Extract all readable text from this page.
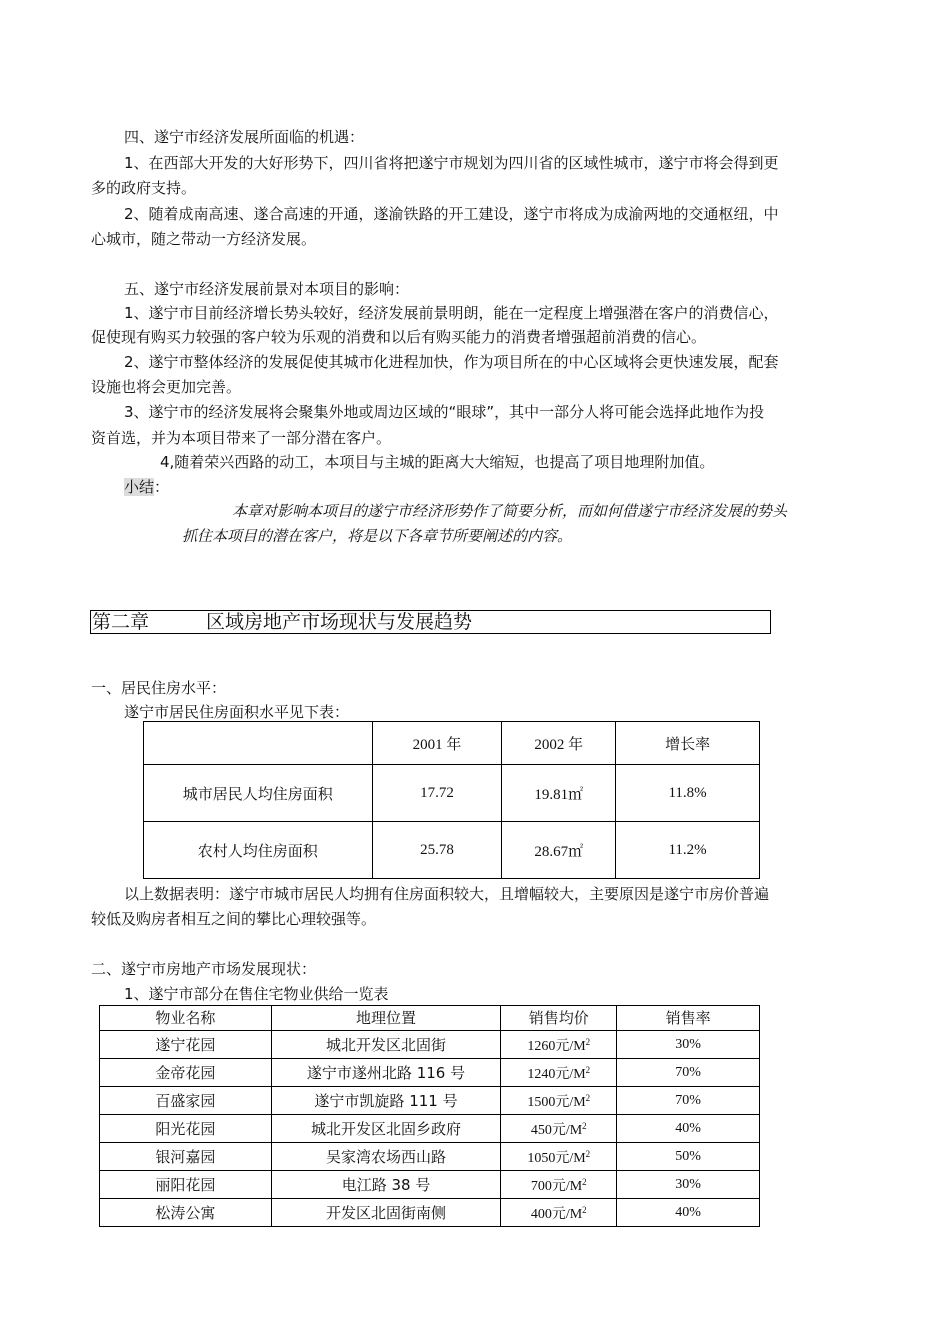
四、遂宁市经济发展所面临的机遇：
1、在西部大开发的大好形势下，四川省将把遂宁市规划为四川省的区域性城市，遂宁市将会得到更
多的政府支持。
2、随着成南高速、遂合高速的开通，遂渝铁路的开工建设，遂宁市将成为成渝两地的交通枢纽，中
心城市，随之带动一方经济发展。
五、遂宁市经济发展前景对本项目的影响：
1、遂宁市目前经济增长势头较好，经济发展前景明朗，能在一定程度上增强潜在客户的消费信心，
促使现有购买力较强的客户较为乐观的消费和以后有购买能力的消费者增强超前消费的信心。
2、遂宁市整体经济的发展促使其城市化进程加快，作为项目所在的中心区域将会更快速发展，配套
设施也将会更加完善。
3、遂宁市的经济发展将会聚集外地或周边区域的“眼球”，其中一部分人将可能会选择此地作为投
资首选，并为本项目带来了一部分潜在客户。
4,随着荣兴西路的动工，本项目与主城的距离大大缩短，也提高了项目地理附加值。
小结：
本章对影响本项目的遂宁市经济形势作了简要分析，而如何借遂宁市经济发展的势头
抓住本项目的潜在客户，将是以下各章节所要阐述的内容。
第二章	区域房地产市场现状与发展趋势
一、居民住房水平：
遂宁市居民住房面积水平见下表：
	2001 年	2002 年	增长率
城市居民人均住房面积	17.72	19.81㎡	11.8%
农村人均住房面积	25.78	28.67㎡	11.2%
以上数据表明：遂宁市城市居民人均拥有住房面积较大，且增幅较大，主要原因是遂宁市房价普遍
较低及购房者相互之间的攀比心理较强等。
二、遂宁市房地产市场发展现状：
1、遂宁市部分在售住宅物业供给一览表
物业名称	地理位置	销售均价	销售率
遂宁花园	城北开发区北固街	1260元$/M^2$	30%
金帝花园	遂宁市遂州北路 116 号	1240元$/M^2$	70%
百盛家园	遂宁市凯旋路 111 号	1500元$/M^2$	70%
阳光花园	城北开发区北固乡政府	450元$/M^2$	40%
银河嘉园	吴家湾农场西山路	1050元$/M^2$	50%
丽阳花园	电江路 38 号	700元$/M^2$	30%
松涛公寓	开发区北固街南侧	400元$/M^2$	40%
